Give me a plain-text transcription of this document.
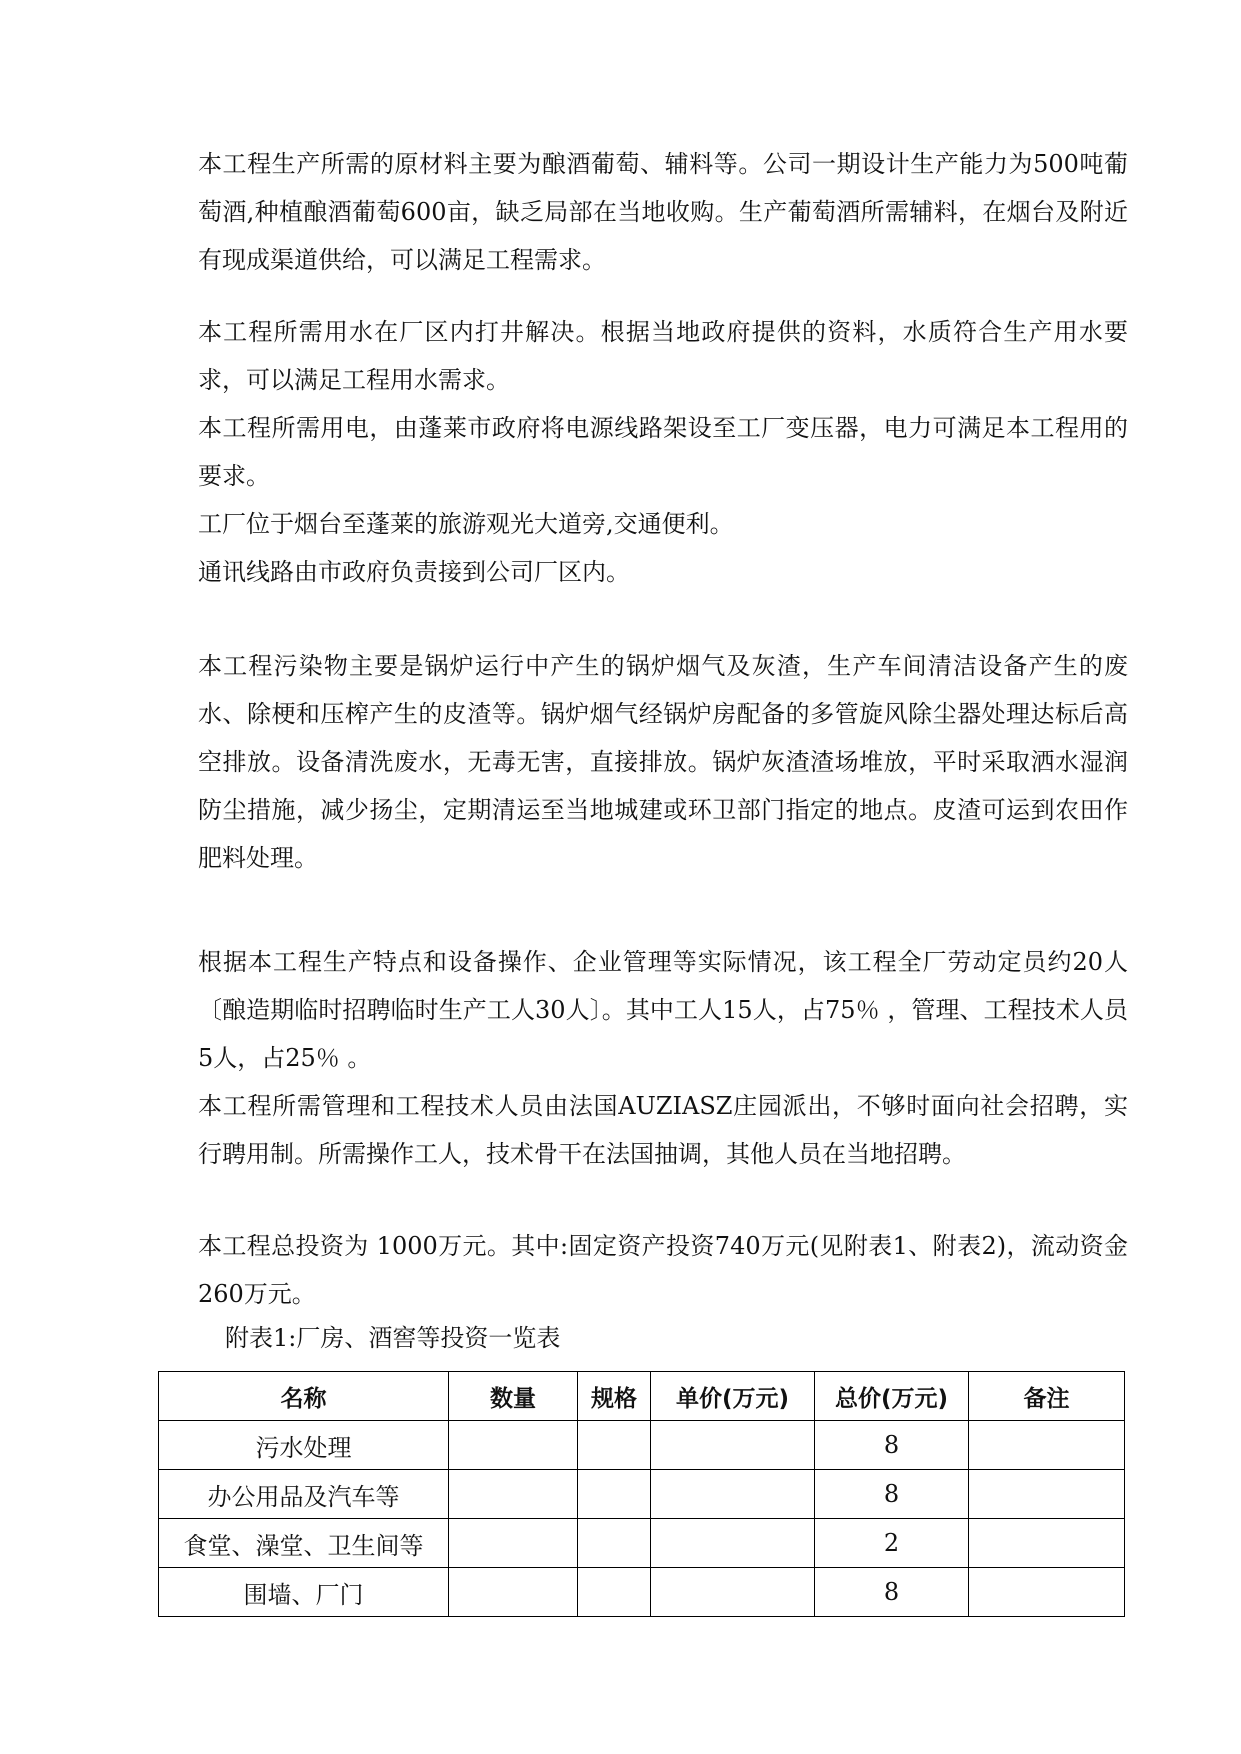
本工程生产所需的原材料主要为酿酒葡萄、辅料等。公司一期设计生产能力为500吨葡萄酒,种植酿酒葡萄600亩，缺乏局部在当地收购。生产葡萄酒所需辅料，在烟台及附近有现成渠道供给，可以满足工程需求。

本工程所需用水在厂区内打井解决。根据当地政府提供的资料，水质符合生产用水要求，可以满足工程用水需求。

本工程所需用电，由蓬莱市政府将电源线路架设至工厂变压器，电力可满足本工程用的要求。

工厂位于烟台至蓬莱的旅游观光大道旁,交通便利。

通讯线路由市政府负责接到公司厂区内。

本工程污染物主要是锅炉运行中产生的锅炉烟气及灰渣，生产车间清洁设备产生的废水、除梗和压榨产生的皮渣等。锅炉烟气经锅炉房配备的多管旋风除尘器处理达标后高空排放。设备清洗废水，无毒无害，直接排放。锅炉灰渣渣场堆放，平时采取洒水湿润防尘措施，减少扬尘，定期清运至当地城建或环卫部门指定的地点。皮渣可运到农田作肥料处理。

根据本工程生产特点和设备操作、企业管理等实际情况，该工程全厂劳动定员约20人〔酿造期临时招聘临时生产工人30人〕。其中工人15人，占75％ ，管理、工程技术人员5人，占25％ 。

本工程所需管理和工程技术人员由法国AUZIASZ庄园派出，不够时面向社会招聘，实行聘用制。所需操作工人，技术骨干在法国抽调，其他人员在当地招聘。

本工程总投资为 1000万元。其中:固定资产投资740万元(见附表1、附表2)，流动资金260万元。

附表1:厂房、酒窖等投资一览表

名称	数量	规格	单价(万元)	总价(万元)	备注
污水处理				8	
办公用品及汽车等				8	
食堂、澡堂、卫生间等				2	
围墙、厂门				8	
